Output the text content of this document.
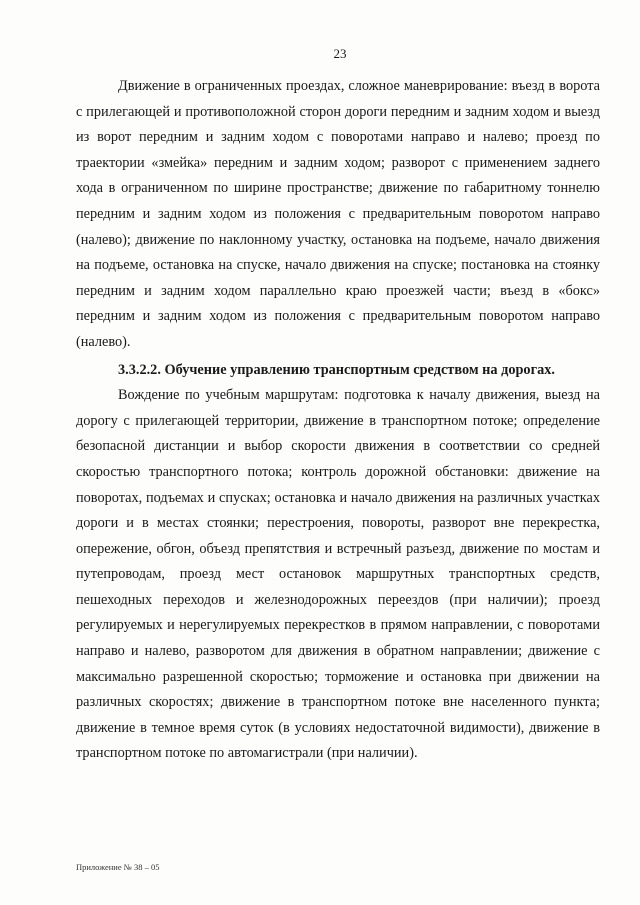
23

Движение в ограниченных проездах, сложное маневрирование: въезд в ворота с прилегающей и противоположной сторон дороги передним и задним ходом и выезд из ворот передним и задним ходом с поворотами направо и налево; проезд по траектории «змейка» передним и задним ходом; разворот с применением заднего хода в ограниченном по ширине пространстве; движение по габаритному тоннелю передним и задним ходом из положения с предварительным поворотом направо (налево); движение по наклонному участку, остановка на подъеме, начало движения на подъеме, остановка на спуске, начало движения на спуске; постановка на стоянку передним и задним ходом параллельно краю проезжей части; въезд в «бокс» передним и задним ходом из положения с предварительным поворотом направо (налево).

3.3.2.2. Обучение управлению транспортным средством на дорогах.

Вождение по учебным маршрутам: подготовка к началу движения, выезд на дорогу с прилегающей территории, движение в транспортном потоке; определение безопасной дистанции и выбор скорости движения в соответствии со средней скоростью транспортного потока; контроль дорожной обстановки: движение на поворотах, подъемах и спусках; остановка и начало движения на различных участках дороги и в местах стоянки; перестроения, повороты, разворот вне перекрестка, опережение, обгон, объезд препятствия и встречный разъезд, движение по мостам и путепроводам, проезд мест остановок маршрутных транспортных средств, пешеходных переходов и железнодорожных переездов (при наличии); проезд регулируемых и нерегулируемых перекрестков в прямом направлении, с поворотами направо и налево, разворотом для движения в обратном направлении; движение с максимально разрешенной скоростью; торможение и остановка при движении на различных скоростях; движение в транспортном потоке вне населенного пункта; движение в темное время суток (в условиях недостаточной видимости), движение в транспортном потоке по автомагистрали (при наличии).

Приложение № 38 – 05
